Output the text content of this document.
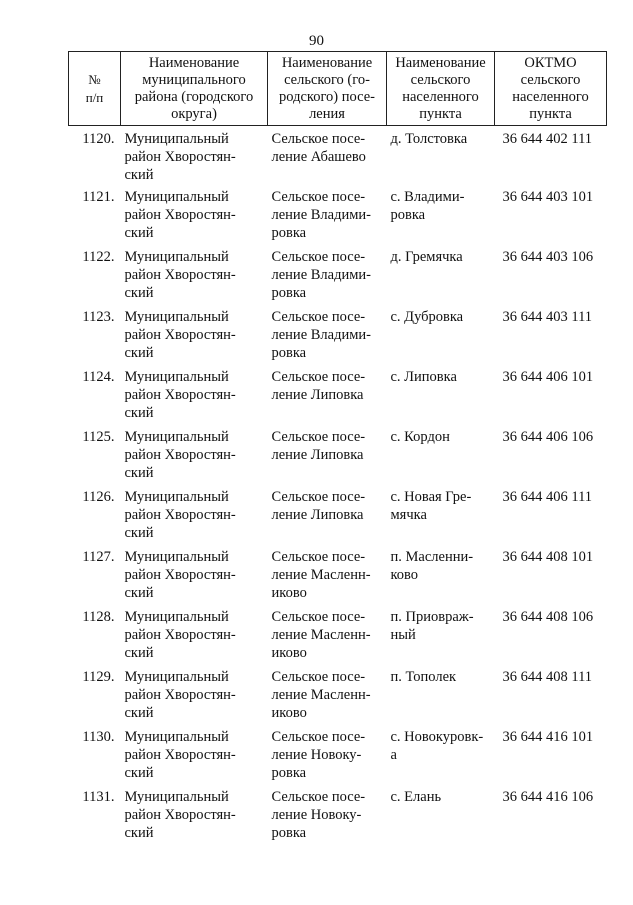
90
№
п/п	Наименование
муниципального
района (городского
округа)	Наименование
сельского (го-
родского) посе-
ления	Наименование
сельского
населенного
пункта	ОКТМО
сельского
населенного
пункта
1120.	Муниципальный
район Хворостян-
ский	Сельское посе-
ление Абашево	д. Толстовка	36 644 402 111
1121.	Муниципальный
район Хворостян-
ский	Сельское посе-
ление Владими-
ровка	с. Владими-
ровка	36 644 403 101
1122.	Муниципальный
район Хворостян-
ский	Сельское посе-
ление Владими-
ровка	д. Гремячка	36 644 403 106
1123.	Муниципальный
район Хворостян-
ский	Сельское посе-
ление Владими-
ровка	с. Дубровка	36 644 403 111
1124.	Муниципальный
район Хворостян-
ский	Сельское посе-
ление Липовка	с. Липовка	36 644 406 101
1125.	Муниципальный
район Хворостян-
ский	Сельское посе-
ление Липовка	с. Кордон	36 644 406 106
1126.	Муниципальный
район Хворостян-
ский	Сельское посе-
ление Липовка	с. Новая Гре-
мячка	36 644 406 111
1127.	Муниципальный
район Хворостян-
ский	Сельское посе-
ление Масленн-
иково	п. Масленни-
ково	36 644 408 101
1128.	Муниципальный
район Хворостян-
ский	Сельское посе-
ление Масленн-
иково	п. Приовраж-
ный	36 644 408 106
1129.	Муниципальный
район Хворостян-
ский	Сельское посе-
ление Масленн-
иково	п. Тополек	36 644 408 111
1130.	Муниципальный
район Хворостян-
ский	Сельское посе-
ление Новоку-
ровка	с. Новокуровк-
а	36 644 416 101
1131.	Муниципальный
район Хворостян-
ский	Сельское посе-
ление Новоку-
ровка	с. Елань	36 644 416 106
